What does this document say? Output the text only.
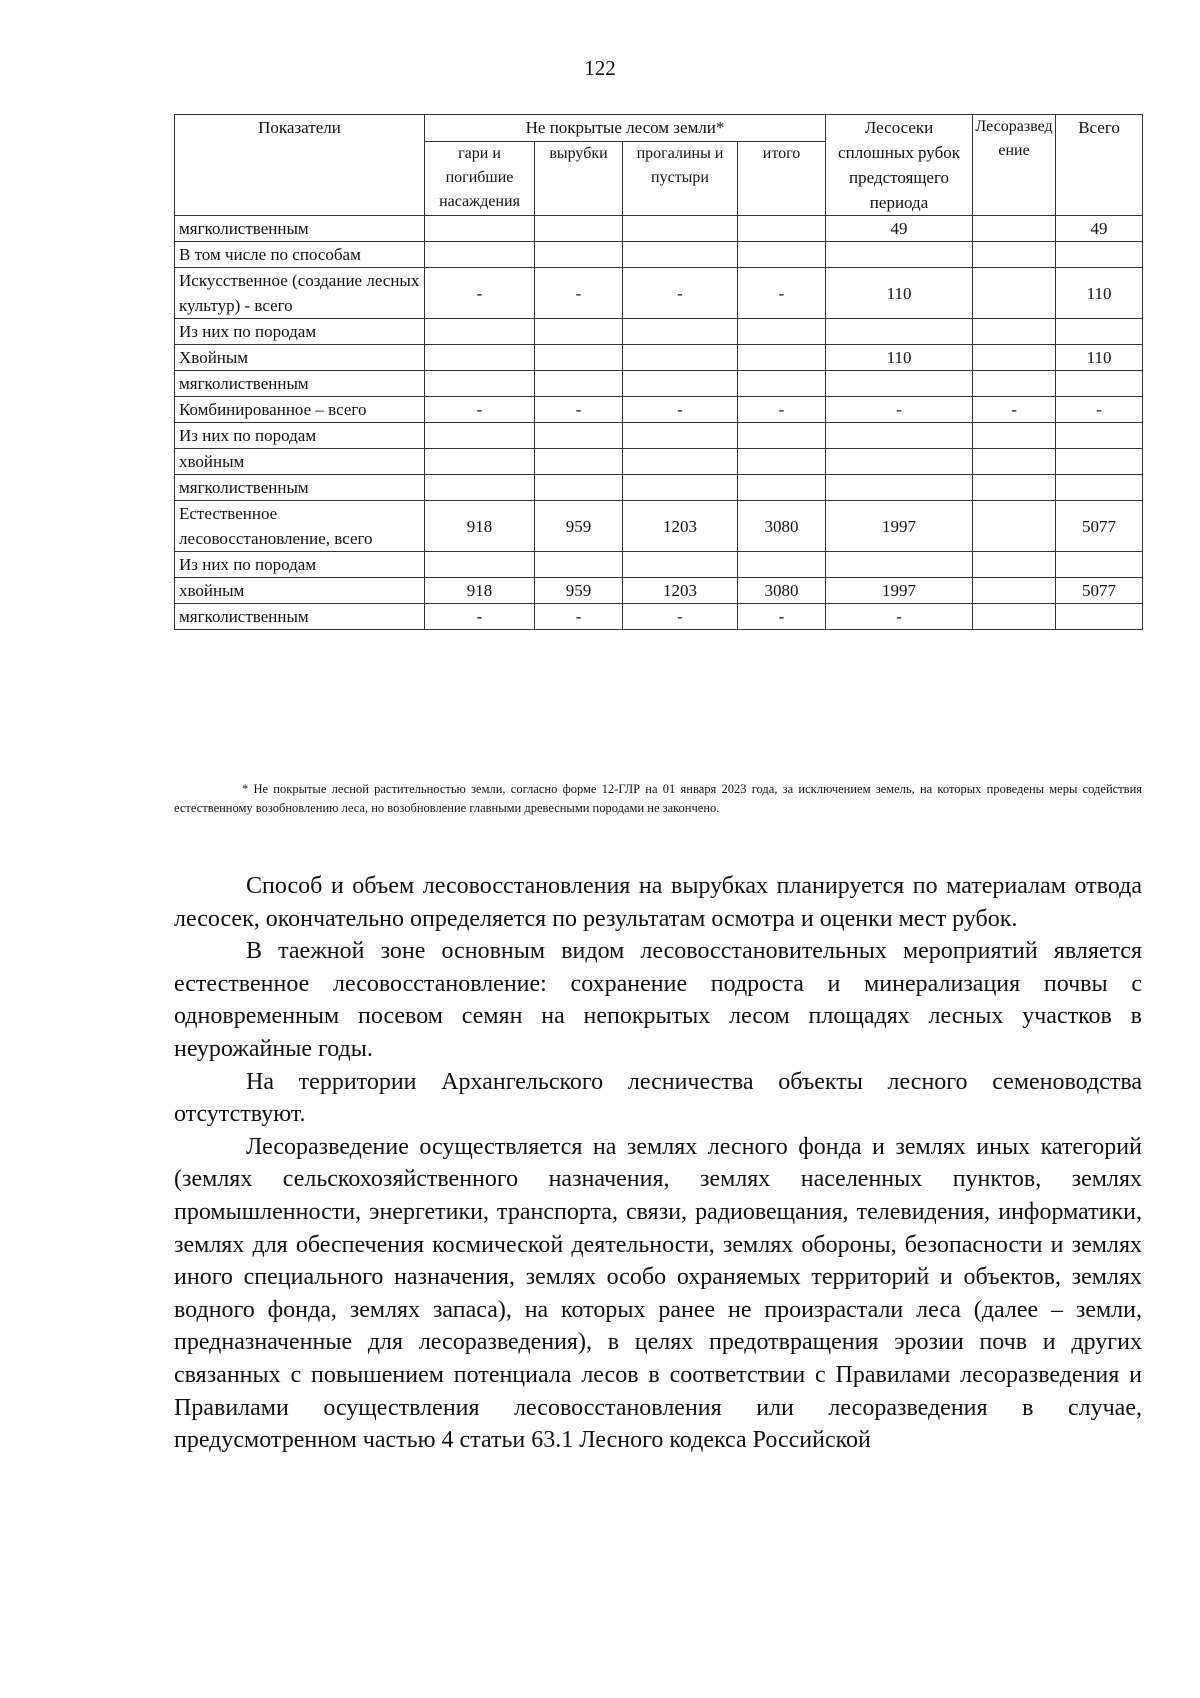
122
Показатели	Не покрытые лесом земли*				Лесосеки сплошных рубок предстоящего периода	Лесоразведение	Всего
	гари и погибшие насаждения	вырубки	прогалины и пустыри	итого			
мягколиственным					49		49
В том числе по способам							
Искусственное (создание лесных культур) - всего	-	-	-	-	110		110
Из них по породам							
Хвойным					110		110
мягколиственным							
Комбинированное – всего	-	-	-	-	-	-	-
Из них по породам							
хвойным							
мягколиственным							
Естественное лесовосстановление, всего	918	959	1203	3080	1997		5077
Из них по породам							
хвойным	918	959	1203	3080	1997		5077
мягколиственным	-	-	-	-	-		
* Не покрытые лесной растительностью земли, согласно форме 12-ГЛР на 01 января 2023 года, за исключением земель, на которых проведены меры содействия естественному возобновлению леса, но возобновление главными древесными породами не закончено.

Способ и объем лесовосстановления на вырубках планируется по материалам отвода лесосек, окончательно определяется по результатам осмотра и оценки мест рубок.

В таежной зоне основным видом лесовосстановительных мероприятий является естественное лесовосстановление: сохранение подроста и минерализация почвы с одновременным посевом семян на непокрытых лесом площадях лесных участков в неурожайные годы.

На территории Архангельского лесничества объекты лесного семеноводства отсутствуют.

Лесоразведение осуществляется на землях лесного фонда и землях иных категорий (землях сельскохозяйственного назначения, землях населенных пунктов, землях промышленности, энергетики, транспорта, связи, радиовещания, телевидения, информатики, землях для обеспечения космической деятельности, землях обороны, безопасности и землях иного специального назначения, землях особо охраняемых территорий и объектов, землях водного фонда, землях запаса), на которых ранее не произрастали леса (далее – земли, предназначенные для лесоразведения), в целях предотвращения эрозии почв и других связанных с повышением потенциала лесов в соответствии с Правилами лесоразведения и Правилами осуществления лесовосстановления или лесоразведения в случае, предусмотренном частью 4 статьи 63.1 Лесного кодекса Российской
